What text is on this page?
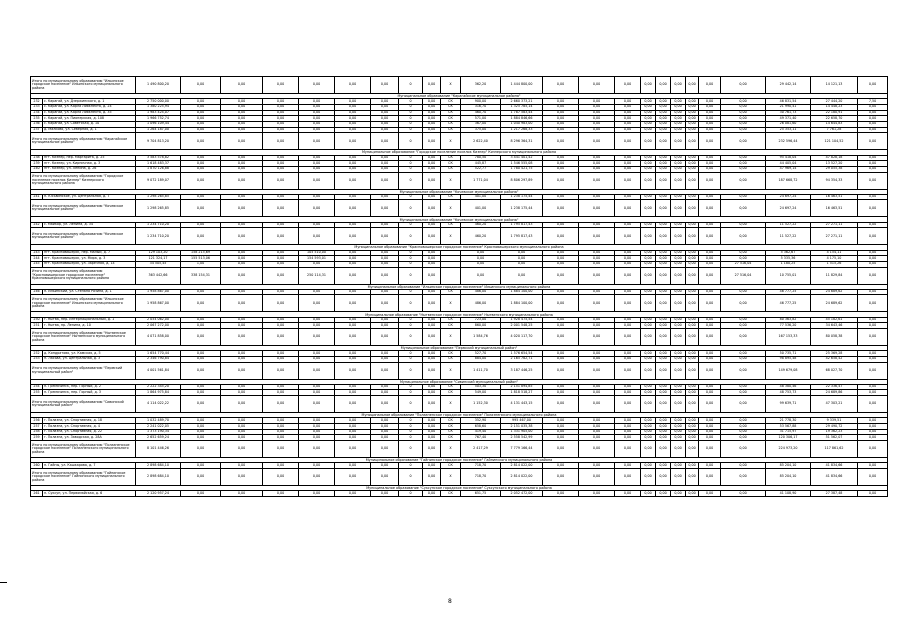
Итого по муниципальному образованию "Ильинское городское поселение" Ильинского муниципального района
1 490 800,20	0,00	0,00	0,00	0,00	0,00	0,00	0	0,00	X	362,20	1 444 800,00	0,00	0,00	0,00	0,00	0,00	0,00	0,00	0,00	0,00	29 442,14	14 121,13	0,00
Муниципальное образование "Карагайское муниципальное района"
232	с. Карагай, ул. Дзержинского, д. 1	2 750 000,00	0,00	0,00	0,00	0,00	0,00	0,00	0	0,00	СК	900,00	2 660 373,21	0,00	0,00	0,00	0,00	0,00	0,00	0,00	0,00	0,00	46 831,54	27 444,20	7,50
233	с. Карагай, ул. Карла Либкнехта, д. 24	1 380 225,94	0,00	0,00	0,00	0,00	0,00	0,00	0	0,00	СК	316,70	1 325 785,14	0,00	0,00	0,00	0,00	0,00	0,00	0,00	0,00	0,00	21 990,41	14 448,23	0,00
234	с. Карагай, ул. Карла Либкнехта, д. 35	1 983 424,07	0,00	0,00	0,00	0,00	0,00	0,00	0	0,00	СК	460,70	1 787 583,44	0,00	0,00	0,00	0,00	0,00	0,00	0,00	0,00	0,00	30 761,73	22 180,91	0,00
235	с. Карагай, ул. Пионерская, д. 108	1 966 752,74	0,00	0,00	0,00	0,00	0,00	0,00	0	0,00	СК	571,00	1 884 846,66	0,00	0,00	0,00	0,00	0,00	0,00	0,00	0,00	0,00	49 371,40	22 658,70	0,00
236	с. Карагай, ул. Советская, д. 10	1 096 109,44	0,00	0,00	0,00	0,00	0,00	0,00	0	0,00	СК	367,00	1 040 983,00	0,00	0,00	0,00	0,00	0,00	0,00	0,00	0,00	0,00	26 081,60	14 644,83	0,00
237	д. Малково, ул. Северная, д. 1	1 264 187,00	0,00	0,00	0,00	0,00	0,00	0,00	0	0,00	СК	375,00	1 217 268,33	0,00	0,00	0,00	0,00	0,00	0,00	0,00	0,00	0,00	25 353,11	7 761,28	0,00
Итого по муниципальному образованию "Карагайское муниципальное района"	9 704 813,20	0,00	0,00	0,00	0,00	0,00	0,00	0	0,00	X	2 622,40	8 296 364,31	0,00	0,00	0,00	0,00	0,00	0,00	0,00	0,00	0,00	232 596,44	121 104,52	0,00
Муниципальное образование "Городское поселение поселок Кизнер" Кизнерского муниципального района
238	пгт. Кизнер, пер. Маргарита, д. 25	3 583 578,82	0,00	0,00	0,00	0,00	0,00	0,00	0	0,00	СК	780,50	3 441 401,42	0,00	0,00	0,00	0,00	0,00	0,00	0,00	0,00	0,00	95 418,04	47 828,18	0,00
239	пгт. Кизнер, ул. Кирпичная, д. 3	1 618 483,37	0,00	0,00	0,00	0,00	0,00	0,00	0	0,00	СК	445,87	1 546 555,08	0,00	0,00	0,00	0,00	0,00	0,00	0,00	0,00	0,00	44 405,04	13 527,20	0,00
240	пгт. Кизнер, ул. Ленина, д. 26	1 870 126,88	0,00	0,00	0,00	0,00	0,00	0,00	0	0,00	СК	522,77	1 780 421,75	0,00	0,00	0,00	0,00	0,00	0,00	0,00	0,00	0,00	47 969,14	29 055,38	0,00
Итого по муниципальному образованию "Городское поселение поселок Кизнер" Кизнерского муниципального района
9 072 189,07	0,00	0,00	0,00	0,00	0,00	0,00	0	0,00	X	1 771,04	8 806 297,89	0,00	0,00	0,00	0,00	0,00	0,00	0,00	0,00	0,00	187 668,72	94 354,33	0,00
Муниципальное образование "Кочевское муниципальное района"
241	п. Юсьвинское, ул. Центральная, д. 7	1 298 265,85	0,00	0,00	0,00	0,00	0,00	0,00	0	0,00	СК	401,00	1 238 175,44	0,00	0,00	0,00	0,00	0,00	0,00	0,00	0,00	0,00	24 697,24	16 463,51	0,00
Итого по муниципальному образованию "Кочевское муниципальное района"	1 298 265,85	0,00	0,00	0,00	0,00	0,00	0,00	0	0,00	X	401,00	1 238 175,44	0,00	0,00	0,00	0,00	0,00	0,00	0,00	0,00	0,00	24 697,24	16 463,51	0,00
Муниципальное образование "Кочевское муниципальное района"
242	с. Майкор, ул. Ленина, д. 34	1 234 710,20	0,00	0,00	0,00	0,00	0,00	0,00	0	0,00	СК	460,20	1 795 817,43	0,00	0,00	0,00	0,00	0,00	0,00	0,00	0,00	0,00	11 527,22	27 271,11	0,00
Итого по муниципальному образованию "Кочевское муниципальное района"	1 234 710,20	0,00	0,00	0,00	0,00	0,00	0,00	0	0,00	X	460,20	1 795 817,43	0,00	0,00	0,00	0,00	0,00	0,00	0,00	0,00	0,00	11 527,22	27 271,11	0,00
Муниципальное образование "Красновишерское городское поселение" Красновишерского муниципального района
243	пгт. Красновишерск, пер. Малый, д. 7	129 103,20	158 215,69	0,00	0,00	105 510,00	0,00	0,00	0	0,00	0,00	0,00	0,00	0,00	0,00	0,00	0,00	0,00	0,00	0,00	0,00	5 362,67	4 154,11	0,00
244	пгт. Красновишерск, ул. Мира, д. 3	121 324,17	155 513,06	0,00	0,00	154 593,01	0,00	0,00	0	0,00	0,00	0,00	0,00	0,00	0,00	0,00	0,00	0,00	0,00	0,00	0,00	5 335,36	4 175,10	0,00
245	пгт. Красновишерск, ул. Заречная, д. 14	34 505,45	1,00	0,00	0,00	0,00	0,00	0,00	0	0,00	0,00	0,00	0,00	0,00	0,00	0,00	0,00	0,00	0,00	0,00	27 516,04	1 180,25	1 515,26	0,00
Итого по муниципальному образованию "Красновишерское городское поселение" Красновишерского муниципального района
363 442,66	338 154,31	0,00	0,00	250 114,31	0,00	0,00	0	0,00	0,00	0,00	0,00	0,00	0,00	0,00	0,00	0,00	0,00	0,00	27 516,04	10 755,01	11 829,84	0,00
Муниципальное образование "Ильинское городское поселение" Ильинского муниципального района
246	п. Ильинский, ул. Степана Разина, д. 1	1 958 867,00	0,00	0,00	0,00	0,00	0,00	0,00	0	0,00	СК	486,00	1 884 100,00	0,00	0,00	0,00	0,00	0,00	0,00	0,00	0,00	0,00	46 777,25	24 689,62	0,00
Итого по муниципальному образованию "Ильинское городское поселение" Ильинского муниципального района
1 958 867,00	0,00	0,00	0,00	0,00	0,00	0,00	0	0,00	X	486,00	1 884 100,00	0,00	0,00	0,00	0,00	0,00	0,00	0,00	0,00	0,00	46 777,25	24 689,62	0,00
Муниципальное образование "Нытвенское городское поселение" Нытвенского муниципального района
250	г. Нытва, пер. Интернациональный, д. 1	2 054 062,00	0,00	0,00	0,00	0,00	0,00	0,00	0	0,00	СК	723,00	1 928 475,54	0,00	0,00	0,00	0,00	0,00	0,00	0,00	0,00	0,00	80 363,82	45 182,61	0,00
251	г. Нытва, пр. Ленина, д. 10	2 067 272,00	0,00	0,00	0,00	0,00	0,00	0,00	0	0,00	СК	860,00	2 001 548,25	0,00	0,00	0,00	0,00	0,00	0,00	0,00	0,00	0,00	77 536,20	34 643,46	0,00
Итого по муниципальному образованию "Нытвенское городское поселение" Нытвенского муниципального района
4 071 858,00	0,00	0,00	0,00	0,00	0,00	0,00	0	0,00	X	1 584,76	4 020 117,70	0,00	0,00	0,00	0,00	0,00	0,00	0,00	0,00	0,00	167 153,33	80 058,38	0,00
Муниципальное образование "Пермский муниципальный район"
252	д. Кондратово, ул. Камская, д. 5	1 654 770,44	0,00	0,00	0,00	0,00	0,00	0,00	0	0,00	СК	527,70	1 576 654,54	0,00	0,00	0,00	0,00	0,00	0,00	0,00	0,00	0,00	50 735,71	25 369,28	0,00
253	п. Ласьва, ул. Центральная, д. 3	2 346 790,84	0,00	0,00	0,00	0,00	0,00	0,00	0	0,00	СК	884,00	2 165 782,71	0,00	0,00	0,00	0,00	0,00	0,00	0,00	0,00	0,00	98 895,48	42 658,42	0,00
Итого по муниципальному образованию "Пермский муниципальный район"	4 001 561,84	0,00	0,00	0,00	0,00	0,00	0,00	0	0,00	X	1 411,70	3 187 446,25	0,00	0,00	0,00	0,00	0,00	0,00	0,00	0,00	0,00	149 679,08	68 027,70	0,00
Муниципальное образование "Сивинский муниципальный район"
254	п. Гремячинск, пер. Горный, д. 2	2 222 345,20	0,00	0,00	0,00	0,00	0,00	0,00	0	0,00	СК	503,30	2 151 894,85	0,00	0,00	0,00	0,00	0,00	0,00	0,00	0,00	0,00	48 380,46	22 336,47	0,00
255	п. Гремячинск, пер. Горный, д. 3	1 864 975,84	0,00	0,00	0,00	0,00	0,00	0,00	0	0,00	СК	549,00	1 818 518,27	0,00	0,00	0,00	0,00	0,00	0,00	0,00	0,00	0,00	48 753,73	24 689,86	0,00
Итого по муниципальному образованию "Сивинский муниципальный район"	4 114 022,22	0,00	0,00	0,00	0,00	0,00	0,00	0	0,00	X	1 152,30	4 131 443,15	0,00	0,00	0,00	0,00	0,00	0,00	0,00	0,00	0,00	99 639,71	47 303,21	0,00
Муниципальное образование "Полазненское городское поселение" Полазненского муниципального района
256	г. Полазна, ул. Спортивная, д. 18	1 032 489,70	0,00	0,00	0,00	0,00	0,00	0,00	0	0,00	СК	352,90	995 467,00	0,00	0,00	0,00	0,00	0,00	0,00	0,00	0,00	0,00	21 778,30	9 339,51	0,00
257	г. Полазна, ул. Спортивная, д. 4	2 241 022,05	0,00	0,00	0,00	0,00	0,00	0,00	0	0,00	СК	658,60	2 151 035,38	0,00	0,00	0,00	0,00	0,00	0,00	0,00	0,00	0,00	53 567,88	29 490,72	0,00
258	г. Полазна, ул. Спортивная, д. 22	1 373 190,34	0,00	0,00	0,00	0,00	0,00	0,00	0	0,00	СК	419,40	1 331 905,00	0,00	0,00	0,00	0,00	0,00	0,00	0,00	0,00	0,00	31 715,97	19 362,23	0,00
259	г. Полазна, ул. Заводская, д. 28А	2 652 659,24	0,00	0,00	0,00	0,00	0,00	0,00	0	0,00	СК	767,40	2 558 542,99	0,00	0,00	0,00	0,00	0,00	0,00	0,00	0,00	0,00	120 306,17	51 562,07	0,00
Итого по муниципальному образованию "Полазненское городское поселение" Полазненского муниципального района
8 101 446,26	0,00	0,00	0,00	0,00	0,00	0,00	0	0,00	X	2 417,29	7 779 166,44	0,00	0,00	0,00	0,00	0,00	0,00	0,00	0,00	0,00	224 973,20	117 861,62	0,00
Муниципальное образование "Гайнинское городское поселение" Гайнинского муниципального района
260	п. Гайны, ул. Кашкарова, д. 7	2 898 684,10	0,00	0,00	0,00	0,00	0,00	0,00	0	0,00	СК	718,70	2 814 022,00	0,00	0,00	0,00	0,00	0,00	0,00	0,00	0,00	0,00	85 204,10	41 834,66	0,00
Итого по муниципальному образованию "Гайнинское городское поселение" Гайнинского муниципального района
2 898 684,10	0,00	0,00	0,00	0,00	0,00	0,00	0	0,00	X	718,70	2 814 022,00	0,00	0,00	0,00	0,00	0,00	0,00	0,00	0,00	0,00	85 204,10	41 834,66	0,00
Муниципальное образование "Суксунское городское поселение" Суксунского муниципального района
261	п. Суксун, ул. Первомайская, д. 6	2 120 957,24	0,00	0,00	0,00	0,00	0,00	0,00	0	0,00	СК	651,75	2 052 472,00	0,00	0,00	0,00	0,00	0,00	0,00	0,00	0,00	0,00	41 108,90	27 387,48	0,00
8
